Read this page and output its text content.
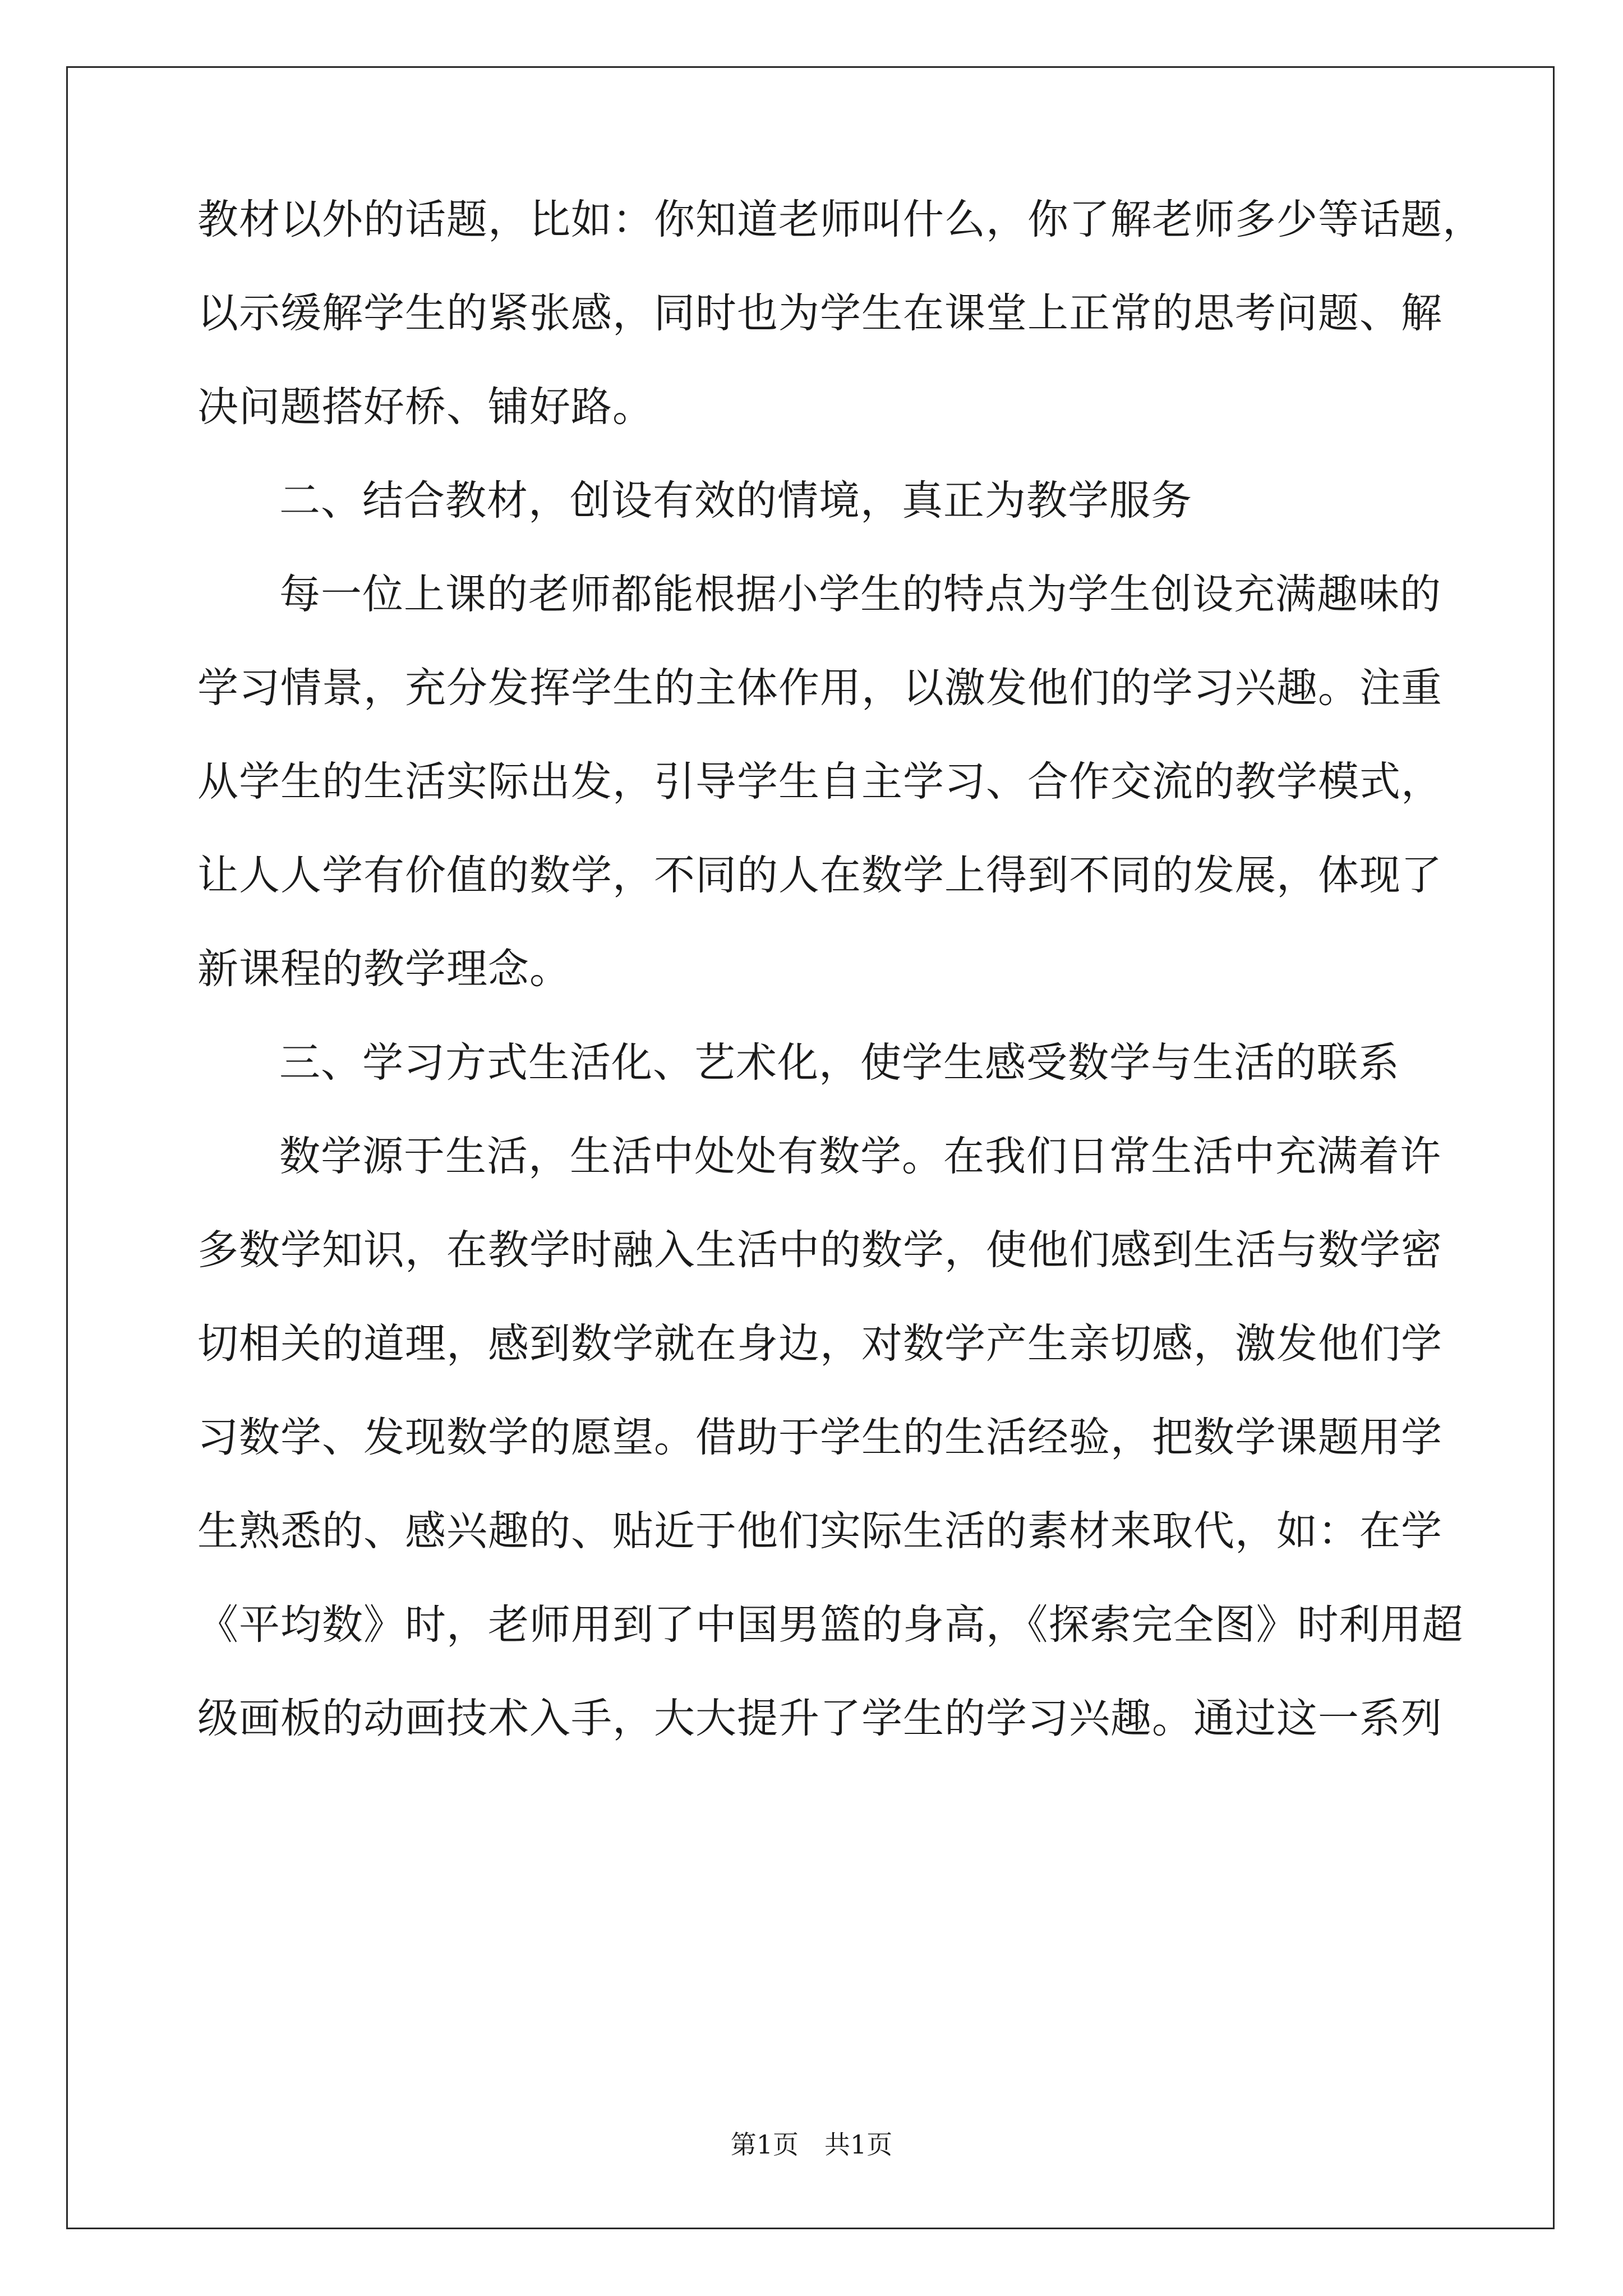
教材以外的话题，比如：你知道老师叫什么，你了解老师多少等话题，
以示缓解学生的紧张感，同时也为学生在课堂上正常的思考问题、解
决问题搭好桥、铺好路。
二、结合教材，创设有效的情境，真正为教学服务
每一位上课的老师都能根据小学生的特点为学生创设充满趣味的
学习情景，充分发挥学生的主体作用，以激发他们的学习兴趣。注重
从学生的生活实际出发，引导学生自主学习、合作交流的教学模式，
让人人学有价值的数学，不同的人在数学上得到不同的发展，体现了
新课程的教学理念。
三、学习方式生活化、艺术化，使学生感受数学与生活的联系
数学源于生活，生活中处处有数学。在我们日常生活中充满着许
多数学知识，在教学时融入生活中的数学，使他们感到生活与数学密
切相关的道理，感到数学就在身边，对数学产生亲切感，激发他们学
习数学、发现数学的愿望。借助于学生的生活经验，把数学课题用学
生熟悉的、感兴趣的、贴近于他们实际生活的素材来取代，如：在学
《平均数》时，老师用到了中国男篮的身高，《探索完全图》时利用超
级画板的动画技术入手，大大提升了学生的学习兴趣。通过这一系列
第1页 共1页
